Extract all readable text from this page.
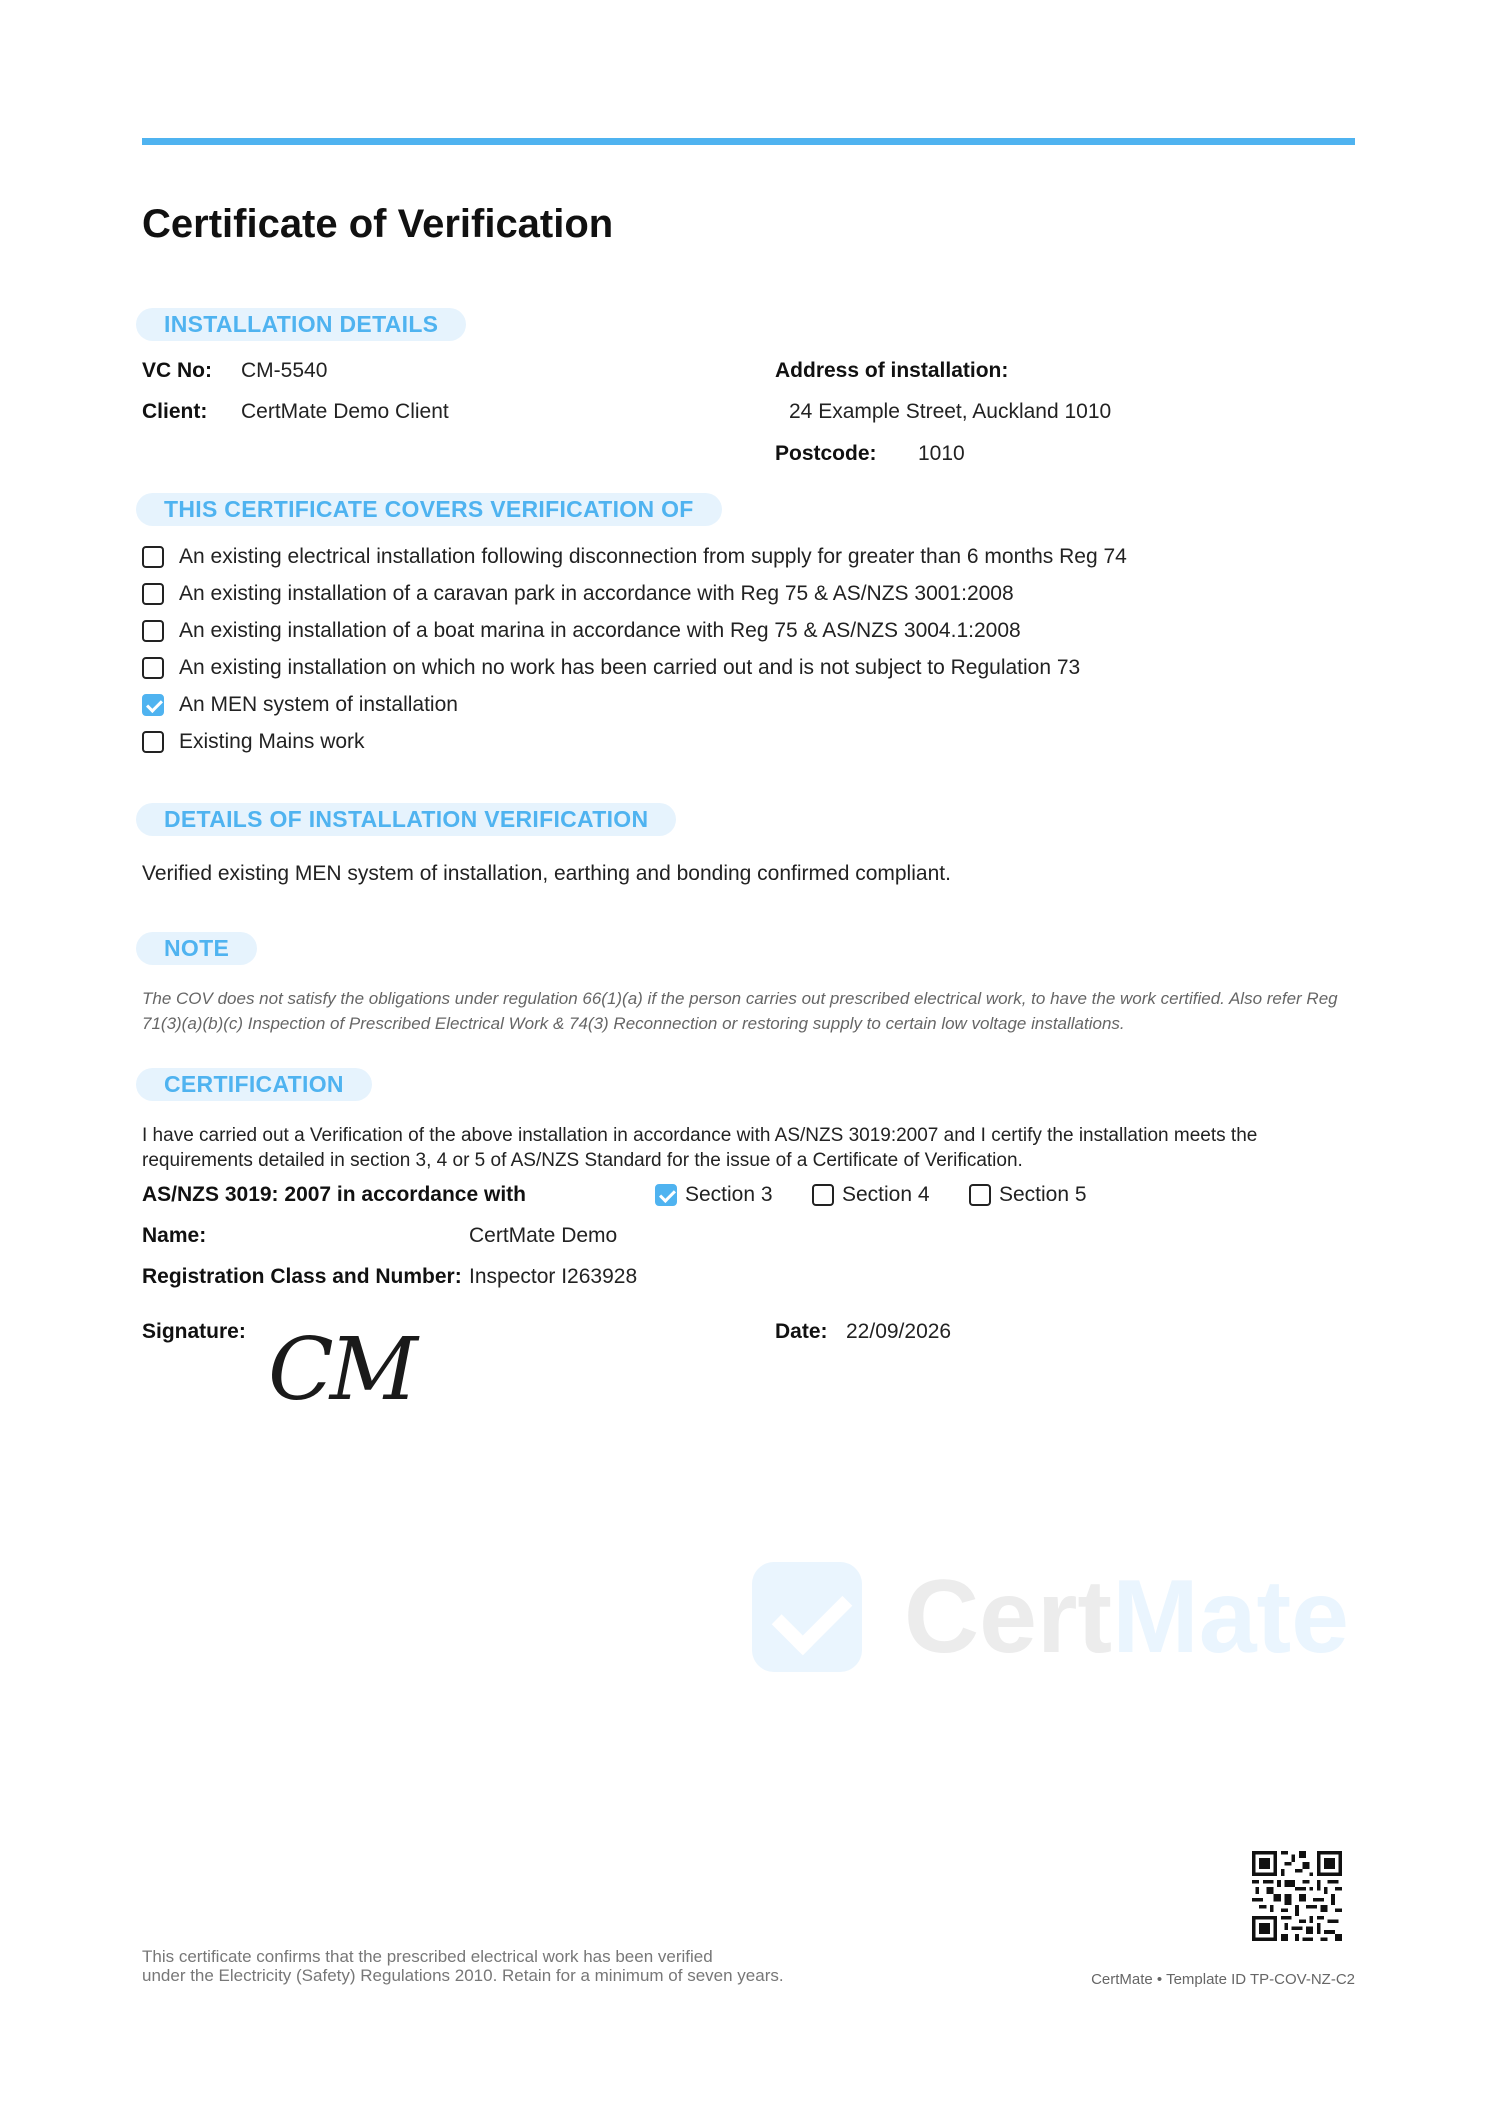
Certificate of Verification
INSTALLATION DETAILS
VC No: CM-5540
Client: CertMate Demo Client
Address of installation:
24 Example Street, Auckland 1010
Postcode: 1010
THIS CERTIFICATE COVERS VERIFICATION OF
An existing electrical installation following disconnection from supply for greater than 6 months Reg 74
An existing installation of a caravan park in accordance with Reg 75 & AS/NZS 3001:2008
An existing installation of a boat marina in accordance with Reg 75 & AS/NZS 3004.1:2008
An existing installation on which no work has been carried out and is not subject to Regulation 73
An MEN system of installation
Existing Mains work
DETAILS OF INSTALLATION VERIFICATION
Verified existing MEN system of installation, earthing and bonding confirmed compliant.
NOTE
The COV does not satisfy the obligations under regulation 66(1)(a) if the person carries out prescribed electrical work, to have the work certified. Also refer Reg 71(3)(a)(b)(c) Inspection of Prescribed Electrical Work & 74(3) Reconnection or restoring supply to certain low voltage installations.
CERTIFICATION
I have carried out a Verification of the above installation in accordance with AS/NZS 3019:2007 and I certify the installation meets the requirements detailed in section 3, 4 or 5 of AS/NZS Standard for the issue of a Certificate of Verification.
AS/NZS 3019: 2007 in accordance with	Section 3	Section 4	Section 5
Name:	CertMate Demo
Registration Class and Number: Inspector I263928
Signature: CM	Date: 22/09/2026
CertMate
This certificate confirms that the prescribed electrical work has been verified
under the Electricity (Safety) Regulations 2010. Retain for a minimum of seven years.	CertMate • Template ID TP-COV-NZ-C2
